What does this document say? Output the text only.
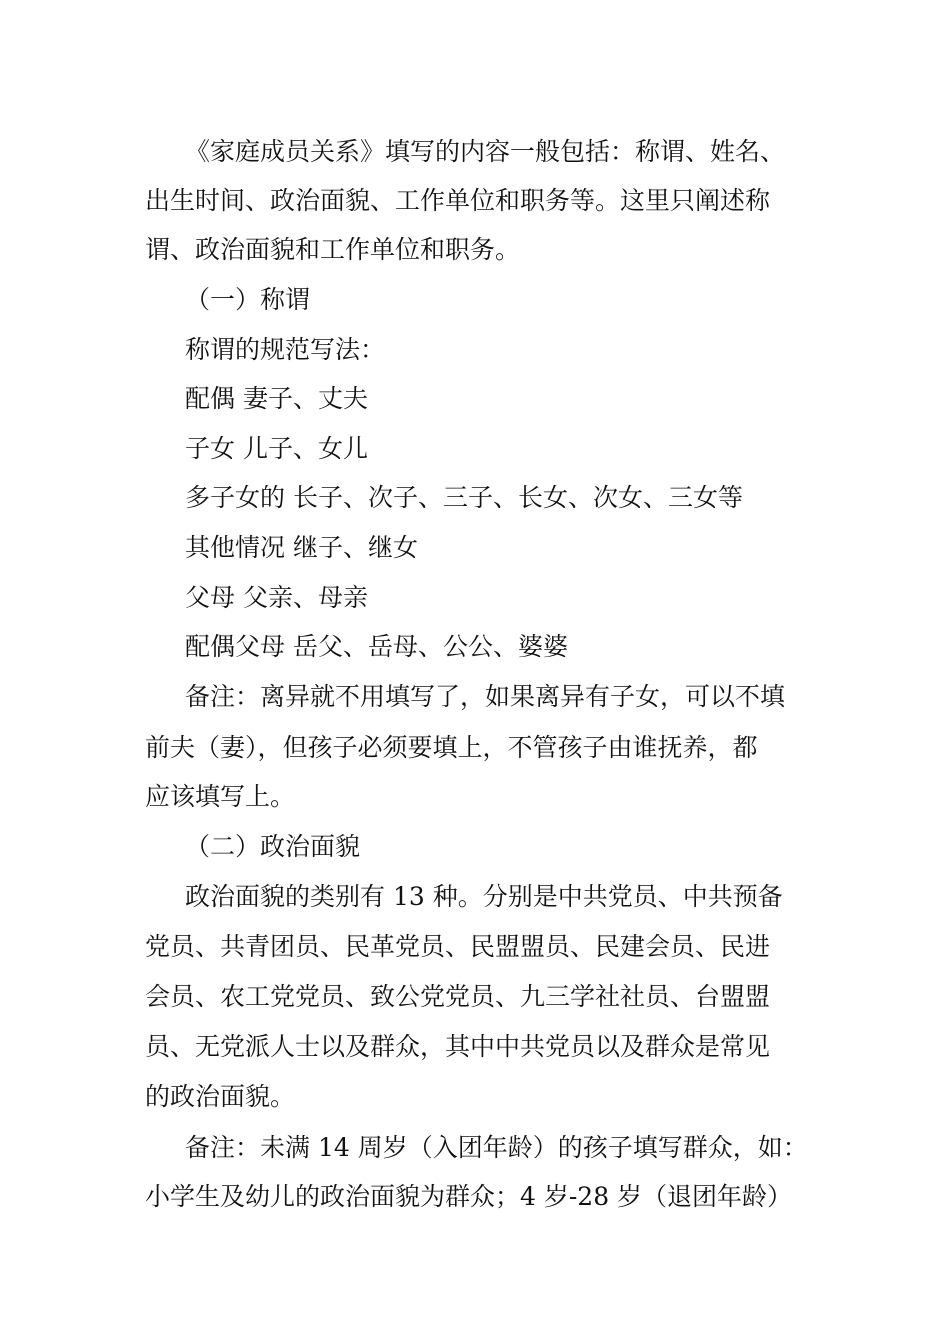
《家庭成员关系》填写的内容一般包括：称谓、姓名、
出生时间、政治面貌、工作单位和职务等。这里只阐述称
谓、政治面貌和工作单位和职务。
（一）称谓
称谓的规范写法：
配偶 妻子、丈夫
子女 儿子、女儿
多子女的 长子、次子、三子、长女、次女、三女等
其他情况 继子、继女
父母 父亲、母亲
配偶父母 岳父、岳母、公公、婆婆
备注：离异就不用填写了，如果离异有子女，可以不填
前夫（妻），但孩子必须要填上，不管孩子由谁抚养，都
应该填写上。
（二）政治面貌
政治面貌的类别有 13 种。分别是中共党员、中共预备
党员、共青团员、民革党员、民盟盟员、民建会员、民进
会员、农工党党员、致公党党员、九三学社社员、台盟盟
员、无党派人士以及群众，其中中共党员以及群众是常见
的政治面貌。
备注：未满 14 周岁（入团年龄）的孩子填写群众，如：
小学生及幼儿的政治面貌为群众；4 岁-28 岁（退团年龄）
